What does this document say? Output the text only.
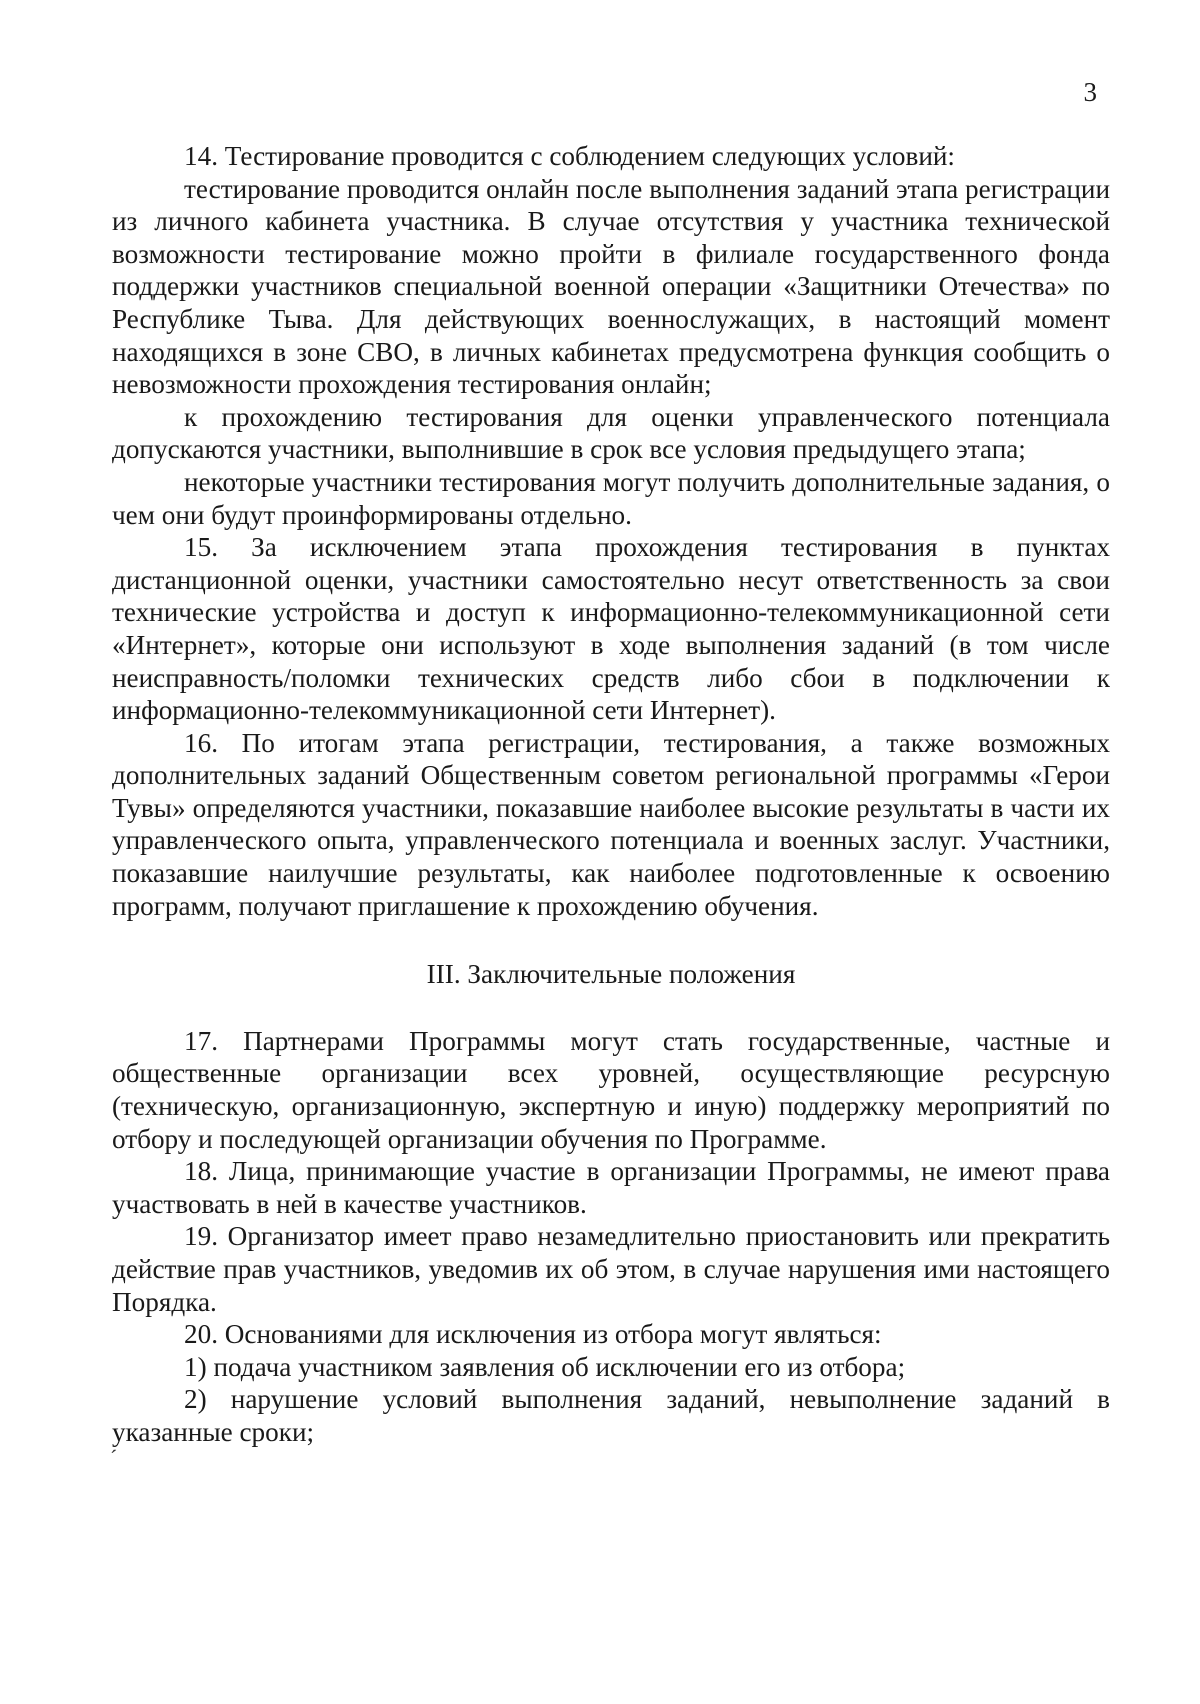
3

14. Тестирование проводится с соблюдением следующих условий:

тестирование проводится онлайн после выполнения заданий этапа регистрации из личного кабинета участника. В случае отсутствия у участника технической возможности тестирование можно пройти в филиале государственного фонда поддержки участников специальной военной операции «Защитники Отечества» по Республике Тыва. Для действующих военнослужащих, в настоящий момент находящихся в зоне СВО, в личных кабинетах предусмотрена функция сообщить о невозможности прохождения тестирования онлайн;

к прохождению тестирования для оценки управленческого потенциала допускаются участники, выполнившие в срок все условия предыдущего этапа;

некоторые участники тестирования могут получить дополнительные задания, о чем они будут проинформированы отдельно.

15. За исключением этапа прохождения тестирования в пунктах дистанционной оценки, участники самостоятельно несут ответственность за свои технические устройства и доступ к информационно-телекоммуникационной сети «Интернет», которые они используют в ходе выполнения заданий (в том числе неисправность/поломки технических средств либо сбои в подключении к информационно-телекоммуникационной сети Интернет).

16. По итогам этапа регистрации, тестирования, а также возможных дополнительных заданий Общественным советом региональной программы «Герои Тувы» определяются участники, показавшие наиболее высокие результаты в части их управленческого опыта, управленческого потенциала и военных заслуг. Участники, показавшие наилучшие результаты, как наиболее подготовленные к освоению программ, получают приглашение к прохождению обучения.

III. Заключительные положения

17. Партнерами Программы могут стать государственные, частные и общественные организации всех уровней, осуществляющие ресурсную (техническую, организационную, экспертную и иную) поддержку мероприятий по отбору и последующей организации обучения по Программе.

18. Лица, принимающие участие в организации Программы, не имеют права участвовать в ней в качестве участников.

19. Организатор имеет право незамедлительно приостановить или прекратить действие прав участников, уведомив их об этом, в случае нарушения ими настоящего Порядка.

20. Основаниями для исключения из отбора могут являться:

1) подача участником заявления об исключении его из отбора;

2) нарушение условий выполнения заданий, невыполнение заданий в указанные сроки;

ˊ
